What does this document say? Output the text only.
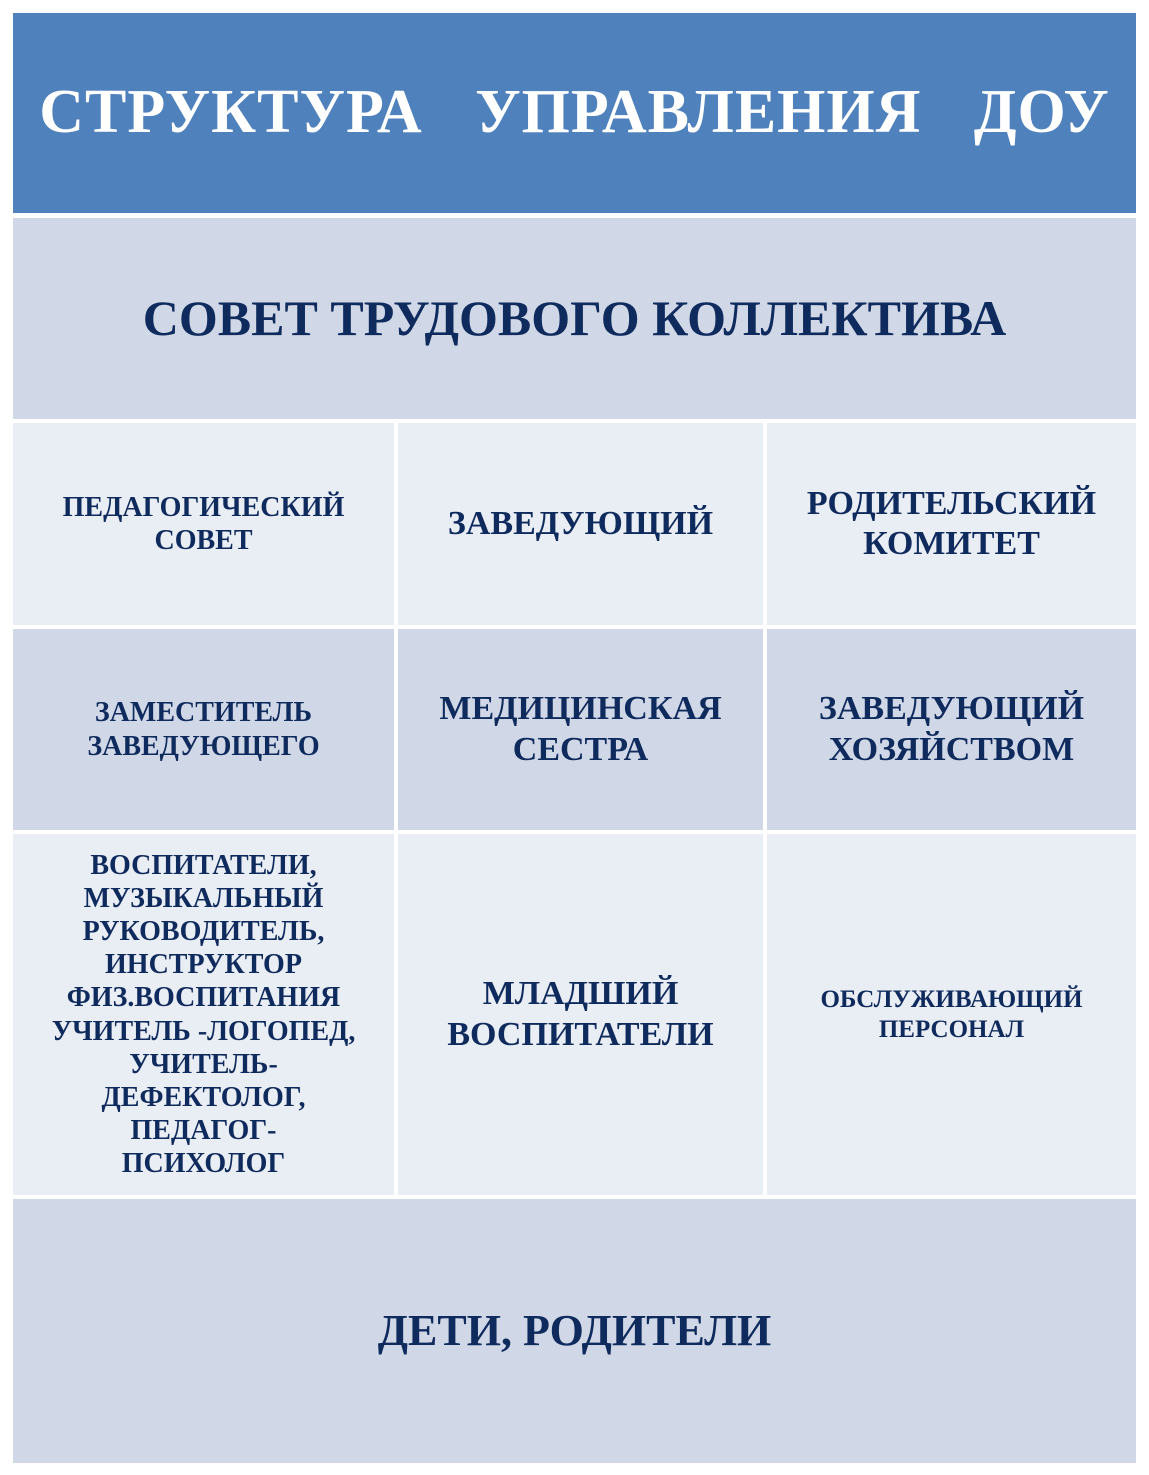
СТРУКТУРА УПРАВЛЕНИЯ ДОУ
СОВЕТ ТРУДОВОГО КОЛЛЕКТИВА
ПЕДАГОГИЧЕСКИЙ
СОВЕТ	ЗАВЕДУЮЩИЙ
РОДИТЕЛЬСКИЙ
КОМИТЕТ
ЗАМЕСТИТЕЛЬ
ЗАВЕДУЮЩЕГО
МЕДИЦИНСКАЯ
СЕСТРА
ЗАВЕДУЮЩИЙ
ХОЗЯЙСТВОМ
ВОСПИТАТЕЛИ,
МУЗЫКАЛЬНЫЙ
РУКОВОДИТЕЛЬ,
ИНСТРУКТОР
ФИЗ.ВОСПИТАНИЯ
УЧИТЕЛЬ -ЛОГОПЕД,
УЧИТЕЛЬ-
ДЕФЕКТОЛОГ,
ПЕДАГОГ-
ПСИХОЛОГ
МЛАДШИЙ
ВОСПИТАТЕЛИ
ОБСЛУЖИВАЮЩИЙ
ПЕРСОНАЛ
ДЕТИ, РОДИТЕЛИ
